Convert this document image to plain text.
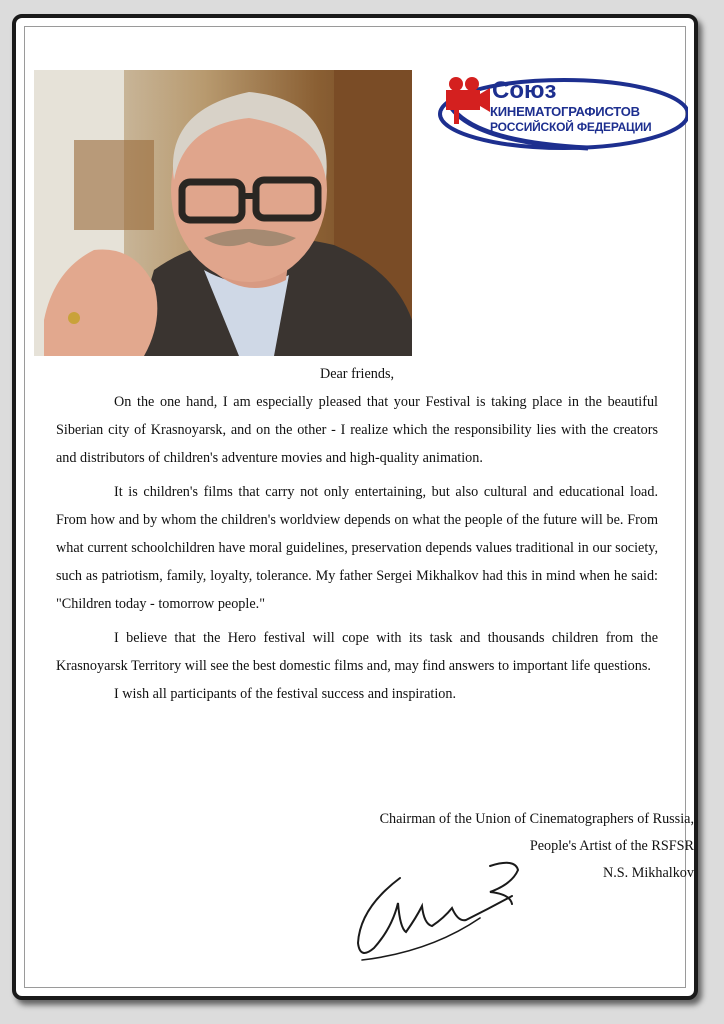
Союз
КИНЕМАТОГРАФИСТОВ
РОССИЙСКОЙ ФЕДЕРАЦИИ

Dear friends,

On the one hand, I am especially pleased that your Festival is taking place in the beautiful Siberian city of Krasnoyarsk, and on the other - I realize which the responsibility lies with the creators and distributors of children's adventure movies and high-quality animation.

It is children's films that carry not only entertaining, but also cultural and educational load. From how and by whom the children's worldview depends on what the people of the future will be. From what current schoolchildren have moral guidelines, preservation depends values traditional in our society, such as patriotism, family, loyalty, tolerance. My father Sergei Mikhalkov had this in mind when he said: "Children today - tomorrow people."

I believe that the Hero festival will cope with its task and thousands children from the Krasnoyarsk Territory will see the best domestic films and, may find answers to important life questions.

I wish all participants of the festival success and inspiration.

Chairman of the Union of Cinematographers of Russia,
People's Artist of the RSFSR
N.S. Mikhalkov
